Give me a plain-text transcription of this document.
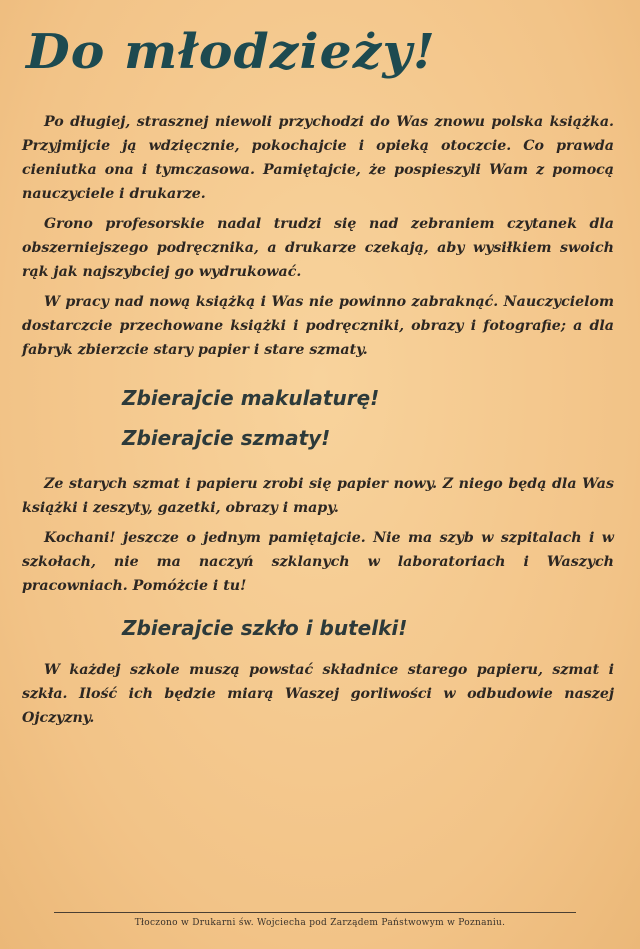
Do młodzieży!

Po długiej, strasznej niewoli przychodzi do Was znowu polska książka. Przyjmijcie ją wdzięcznie, pokochajcie i opieką otoczcie. Co prawda cieniutka ona i tymczasowa. Pamiętajcie, że pospieszyli Wam z pomocą nauczyciele i drukarze.

Grono profesorskie nadal trudzi się nad zebraniem czytanek dla obszerniejszego podręcznika, a drukarze czekają, aby wysiłkiem swoich rąk jak najszybciej go wydrukować.

W pracy nad nową książką i Was nie powinno zabraknąć. Nauczycielom dostarczcie przechowane książki i podręczniki, obrazy i fotografie; a dla fabryk zbierzcie stary papier i stare szmaty.

Zbierajcie makulaturę!

Zbierajcie szmaty!

Ze starych szmat i papieru zrobi się papier nowy. Z niego będą dla Was książki i zeszyty, gazetki, obrazy i mapy.

Kochani! jeszcze o jednym pamiętajcie. Nie ma szyb w szpitalach i w szkołach, nie ma naczyń szklanych w laboratoriach i Waszych pracowniach. Pomóżcie i tu!

Zbierajcie szkło i butelki!

W każdej szkole muszą powstać składnice starego papieru, szmat i szkła. Ilość ich będzie miarą Waszej gorliwości w odbudowie naszej Ojczyzny.

Tłoczono w Drukarni św. Wojciecha pod Zarządem Państwowym w Poznaniu.
